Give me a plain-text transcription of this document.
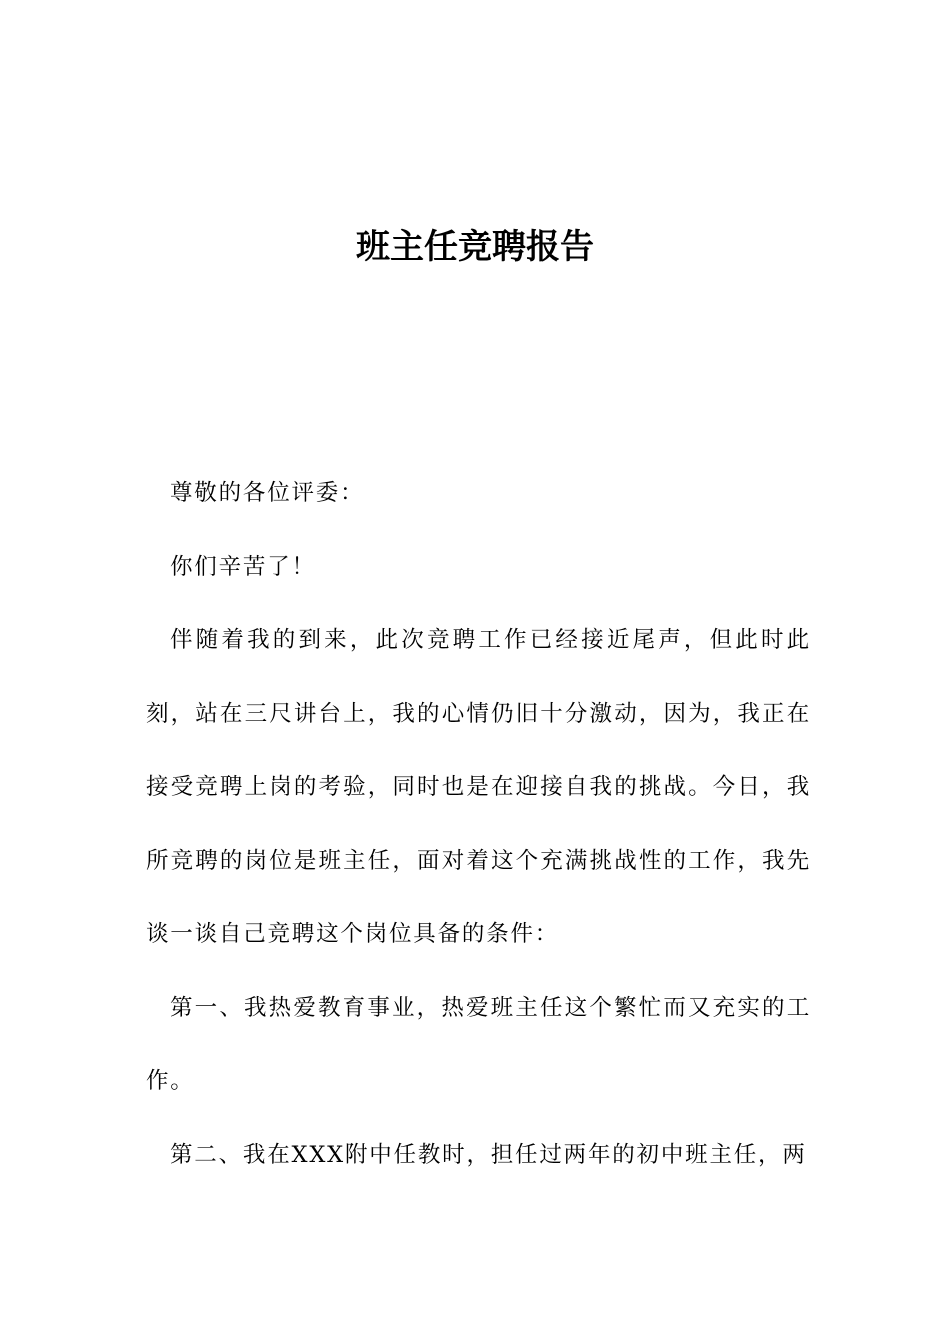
班主任竞聘报告

尊敬的各位评委：

你们辛苦了！

伴随着我的到来，此次竞聘工作已经接近尾声，但此时此刻，站在三尺讲台上，我的心情仍旧十分激动，因为，我正在接受竞聘上岗的考验，同时也是在迎接自我的挑战。今日，我所竞聘的岗位是班主任，面对着这个充满挑战性的工作，我先谈一谈自己竞聘这个岗位具备的条件：

第一、我热爱教育事业，热爱班主任这个繁忙而又充实的工作。

第二、我在XXX附中任教时，担任过两年的初中班主任，两
